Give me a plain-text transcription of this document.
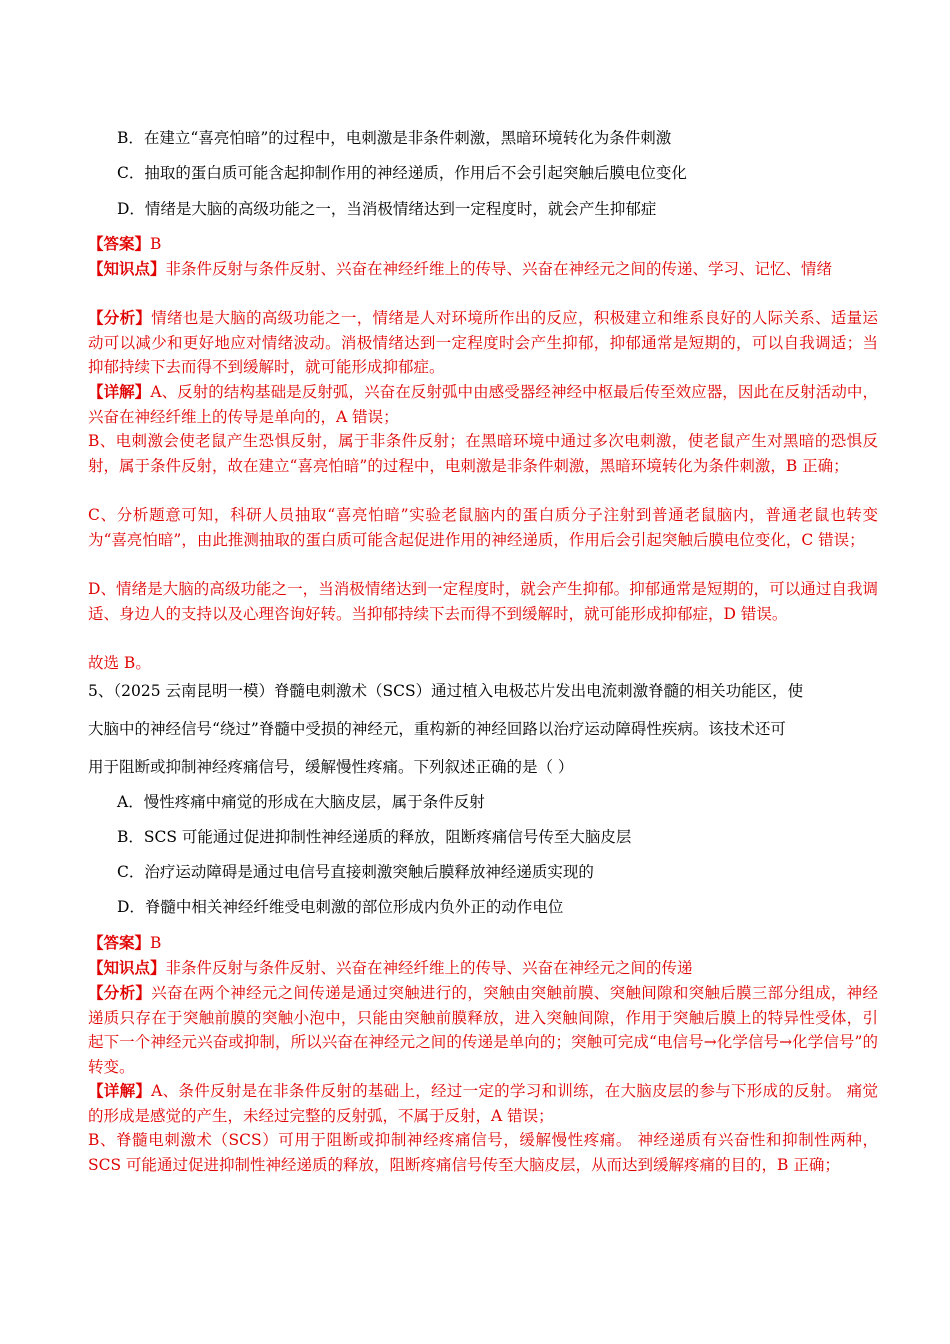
B．在建立“喜亮怕暗”的过程中，电刺激是非条件刺激，黑暗环境转化为条件刺激
C．抽取的蛋白质可能含起抑制作用的神经递质，作用后不会引起突触后膜电位变化
D．情绪是大脑的高级功能之一，当消极情绪达到一定程度时，就会产生抑郁症
【答案】B
【知识点】非条件反射与条件反射、兴奋在神经纤维上的传导、兴奋在神经元之间的传递、学习、记忆、情绪
【分析】情绪也是大脑的高级功能之一，情绪是人对环境所作出的反应，积极建立和维系良好的人际关系、适量运动可以减少和更好地应对情绪波动。消极情绪达到一定程度时会产生抑郁，抑郁通常是短期的，可以自我调适；当抑郁持续下去而得不到缓解时，就可能形成抑郁症。
【详解】A、反射的结构基础是反射弧，兴奋在反射弧中由感受器经神经中枢最后传至效应器，因此在反射活动中，兴奋在神经纤维上的传导是单向的，A 错误；
B、电刺激会使老鼠产生恐惧反射，属于非条件反射；在黑暗环境中通过多次电刺激，使老鼠产生对黑暗的恐惧反射，属于条件反射，故在建立“喜亮怕暗”的过程中，电刺激是非条件刺激，黑暗环境转化为条件刺激，B 正确；
C、分析题意可知，科研人员抽取“喜亮怕暗”实验老鼠脑内的蛋白质分子注射到普通老鼠脑内，普通老鼠也转变为“喜亮怕暗”，由此推测抽取的蛋白质可能含起促进作用的神经递质，作用后会引起突触后膜电位变化，C 错误；
D、情绪是大脑的高级功能之一，当消极情绪达到一定程度时，就会产生抑郁。抑郁通常是短期的，可以通过自我调适、身边人的支持以及心理咨询好转。当抑郁持续下去而得不到缓解时，就可能形成抑郁症，D 错误。
故选 B。
5、（2025 云南昆明一模）脊髓电刺激术（SCS）通过植入电极芯片发出电流刺激脊髓的相关功能区，使
大脑中的神经信号“绕过”脊髓中受损的神经元，重构新的神经回路以治疗运动障碍性疾病。该技术还可
用于阻断或抑制神经疼痛信号，缓解慢性疼痛。下列叙述正确的是（ ）
A．慢性疼痛中痛觉的形成在大脑皮层，属于条件反射
B．SCS 可能通过促进抑制性神经递质的释放，阻断疼痛信号传至大脑皮层
C．治疗运动障碍是通过电信号直接刺激突触后膜释放神经递质实现的
D．脊髓中相关神经纤维受电刺激的部位形成内负外正的动作电位
【答案】B
【知识点】非条件反射与条件反射、兴奋在神经纤维上的传导、兴奋在神经元之间的传递
【分析】兴奋在两个神经元之间传递是通过突触进行的，突触由突触前膜、突触间隙和突触后膜三部分组成，神经递质只存在于突触前膜的突触小泡中，只能由突触前膜释放，进入突触间隙，作用于突触后膜上的特异性受体，引起下一个神经元兴奋或抑制，所以兴奋在神经元之间的传递是单向的；突触可完成“电信号→化学信号→化学信号”的转变。
【详解】A、条件反射是在非条件反射的基础上，经过一定的学习和训练，在大脑皮层的参与下形成的反射。 痛觉的形成是感觉的产生，未经过完整的反射弧，不属于反射，A 错误；
B、脊髓电刺激术（SCS）可用于阻断或抑制神经疼痛信号，缓解慢性疼痛。 神经递质有兴奋性和抑制性两种，SCS 可能通过促进抑制性神经递质的释放，阻断疼痛信号传至大脑皮层，从而达到缓解疼痛的目的，B 正确；
